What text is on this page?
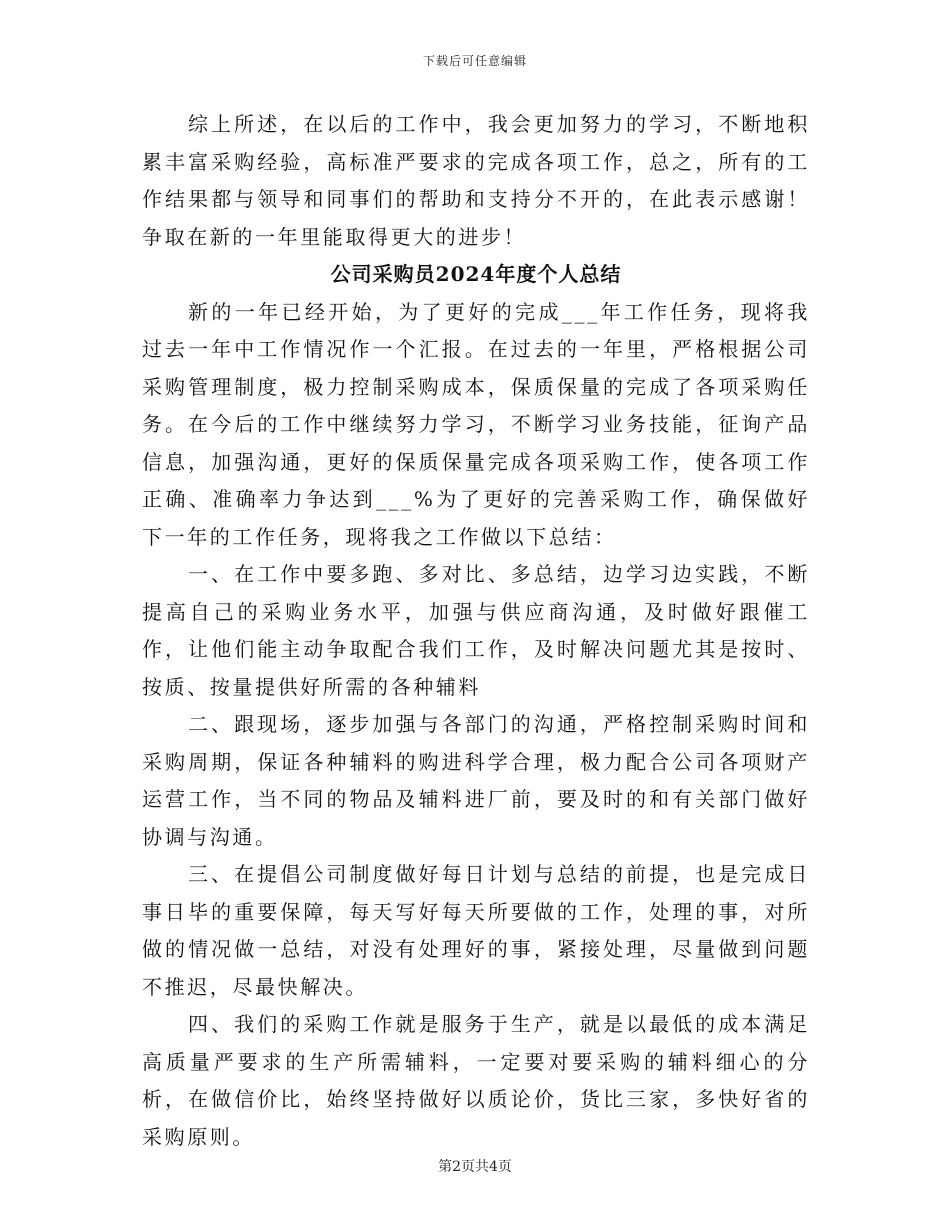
下载后可任意编辑

综上所述，在以后的工作中，我会更加努力的学习，不断地积累丰富采购经验，高标准严要求的完成各项工作，总之，所有的工作结果都与领导和同事们的帮助和支持分不开的，在此表示感谢！争取在新的一年里能取得更大的进步！

公司采购员2024年度个人总结

新的一年已经开始，为了更好的完成___年工作任务，现将我过去一年中工作情况作一个汇报。在过去的一年里，严格根据公司采购管理制度，极力控制采购成本，保质保量的完成了各项采购任务。在今后的工作中继续努力学习，不断学习业务技能，征询产品信息，加强沟通，更好的保质保量完成各项采购工作，使各项工作正确、准确率力争达到___%为了更好的完善采购工作，确保做好下一年的工作任务，现将我之工作做以下总结：

一、在工作中要多跑、多对比、多总结，边学习边实践，不断提高自己的采购业务水平，加强与供应商沟通，及时做好跟催工作，让他们能主动争取配合我们工作，及时解决问题尤其是按时、按质、按量提供好所需的各种辅料

二、跟现场，逐步加强与各部门的沟通，严格控制采购时间和采购周期，保证各种辅料的购进科学合理，极力配合公司各项财产运营工作，当不同的物品及辅料进厂前，要及时的和有关部门做好协调与沟通。

三、在提倡公司制度做好每日计划与总结的前提，也是完成日事日毕的重要保障，每天写好每天所要做的工作，处理的事，对所做的情况做一总结，对没有处理好的事，紧接处理，尽量做到问题不推迟，尽最快解决。

四、我们的采购工作就是服务于生产，就是以最低的成本满足高质量严要求的生产所需辅料，一定要对要采购的辅料细心的分析，在做信价比，始终坚持做好以质论价，货比三家，多快好省的采购原则。

第2页共4页
